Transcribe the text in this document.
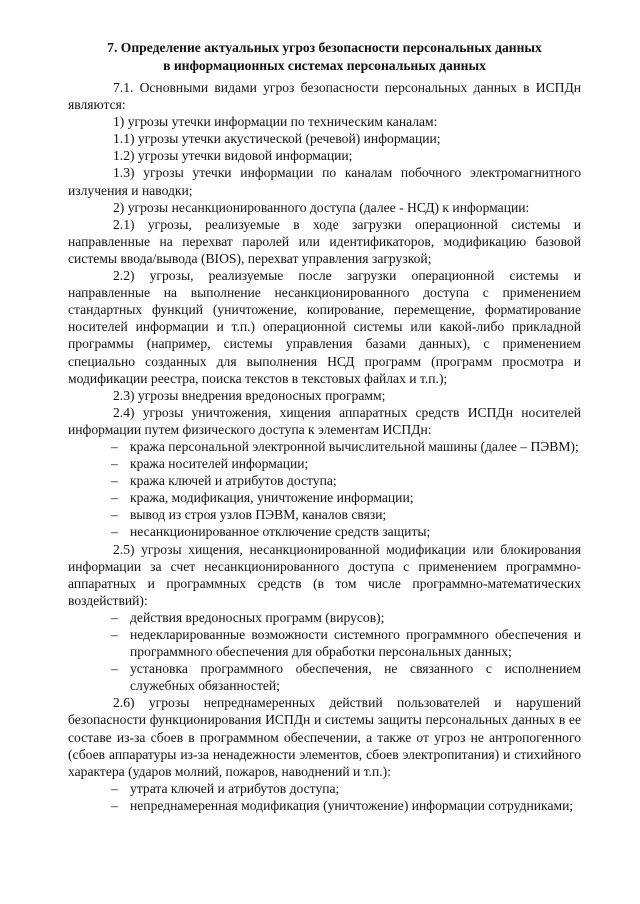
7. Определение актуальных угроз безопасности персональных данных
в информационных системах персональных данных

7.1. Основными видами угроз безопасности персональных данных в ИСПДн являются:

1) угрозы утечки информации по техническим каналам:

1.1) угрозы утечки акустической (речевой) информации;

1.2) угрозы утечки видовой информации;

1.3) угрозы утечки информации по каналам побочного электромагнитного излучения и наводки;

2) угрозы несанкционированного доступа (далее - НСД) к информации:

2.1) угрозы, реализуемые в ходе загрузки операционной системы и направленные на перехват паролей или идентификаторов, модификацию базовой системы ввода/вывода (BIOS), перехват управления загрузкой;

2.2) угрозы, реализуемые после загрузки операционной системы и направленные на выполнение несанкционированного доступа с применением стандартных функций (уничтожение, копирование, перемещение, форматирование носителей информации и т.п.) операционной системы или какой-либо прикладной программы (например, системы управления базами данных), с применением специально созданных для выполнения НСД программ (программ просмотра и модификации реестра, поиска текстов в текстовых файлах и т.п.);

2.3) угрозы внедрения вредоносных программ;

2.4) угрозы уничтожения, хищения аппаратных средств ИСПДн носителей информации путем физического доступа к элементам ИСПДн:

– кража персональной электронной вычислительной машины (далее – ПЭВМ);
– кража носителей информации;
– кража ключей и атрибутов доступа;
– кража, модификация, уничтожение информации;
– вывод из строя узлов ПЭВМ, каналов связи;
– несанкционированное отключение средств защиты;

2.5) угрозы хищения, несанкционированной модификации или блокирования информации за счет несанкционированного доступа с применением программно-аппаратных и программных средств (в том числе программно-математических воздействий):

– действия вредоносных программ (вирусов);
– недекларированные возможности системного программного обеспечения и программного обеспечения для обработки персональных данных;
– установка программного обеспечения, не связанного с исполнением служебных обязанностей;

2.6) угрозы непреднамеренных действий пользователей и нарушений безопасности функционирования ИСПДн и системы защиты персональных данных в ее составе из-за сбоев в программном обеспечении, а также от угроз не антропогенного (сбоев аппаратуры из-за ненадежности элементов, сбоев электропитания) и стихийного характера (ударов молний, пожаров, наводнений и т.п.):

– утрата ключей и атрибутов доступа;
– непреднамеренная модификация (уничтожение) информации сотрудниками;
